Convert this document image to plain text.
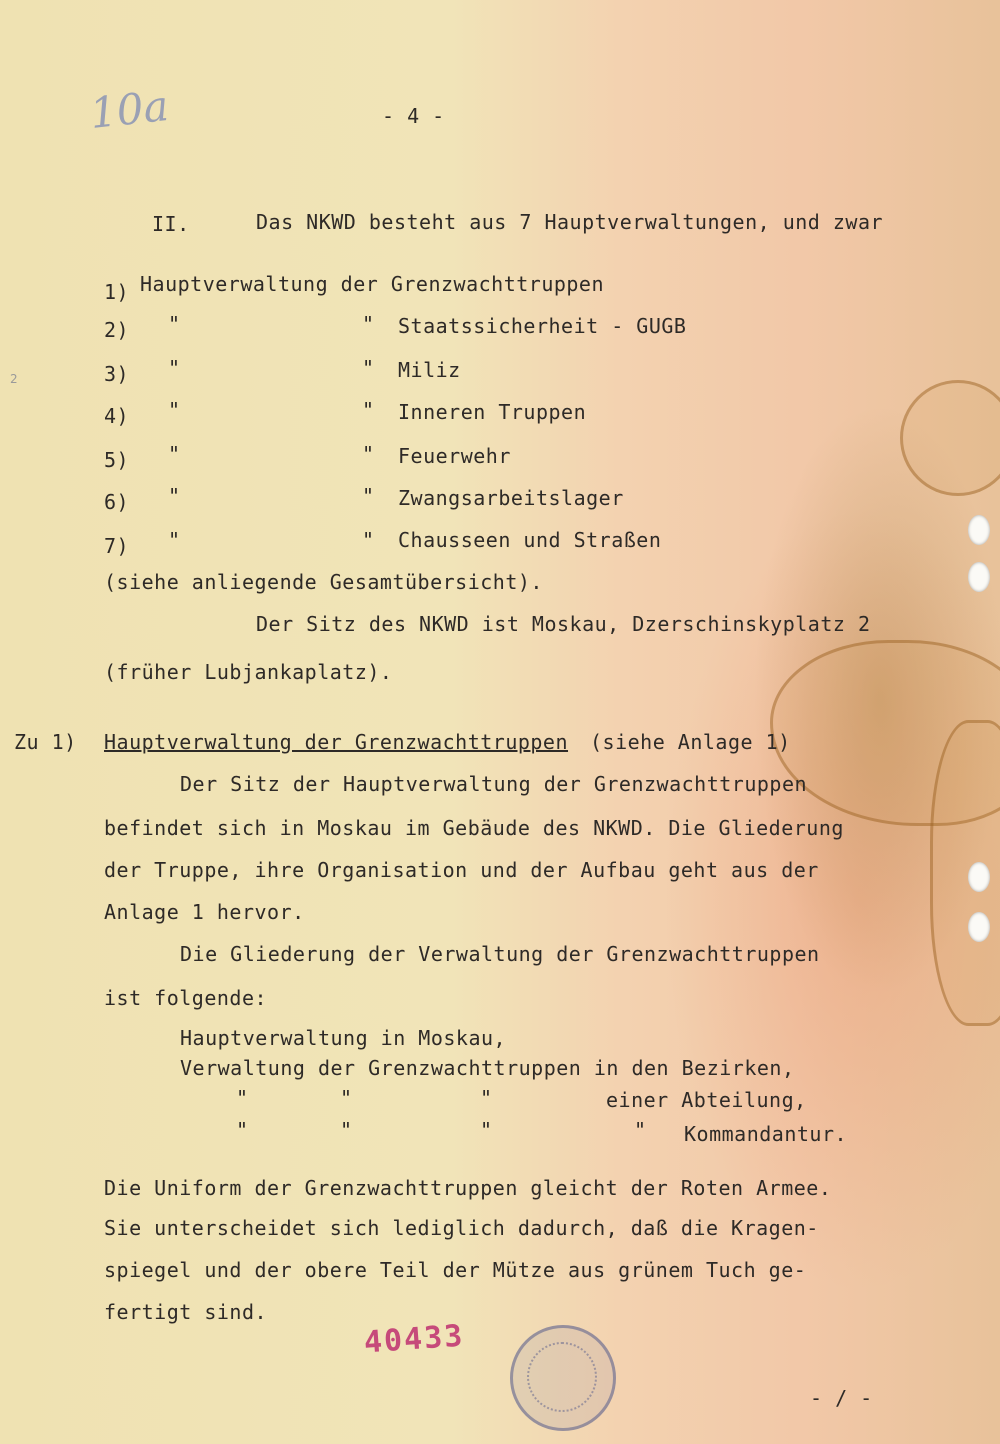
10a
2
- 4 -
II.	Das NKWD besteht aus 7 Hauptverwaltungen, und zwar
1) Hauptverwaltung der Grenzwachttruppen
2) "	" Staatssicherheit - GUGB
3) "	" Miliz
4) "	" Inneren Truppen
5) "	" Feuerwehr
6) "	" Zwangsarbeitslager
7) "	" Chausseen und Straßen
(siehe anliegende Gesamtübersicht).
Der Sitz des NKWD ist Moskau, Dzerschinskyplatz 2
(früher Lubjankaplatz).
Zu 1) Hauptverwaltung der Grenzwachttruppen (siehe Anlage 1)
Der Sitz der Hauptverwaltung der Grenzwachttruppen
befindet sich in Moskau im Gebäude des NKWD. Die Gliederung
der Truppe, ihre Organisation und der Aufbau geht aus der
Anlage 1 hervor.
Die Gliederung der Verwaltung der Grenzwachttruppen
ist folgende:
Hauptverwaltung in Moskau,
Verwaltung der Grenzwachttruppen in den Bezirken,
"	"	"	einer Abteilung,
"	"	"	" Kommandantur.
Die Uniform der Grenzwachttruppen gleicht der Roten Armee.
Sie unterscheidet sich lediglich dadurch, daß die Kragen-
spiegel und der obere Teil der Mütze aus grünem Tuch ge-
fertigt sind.
40433
- / -
